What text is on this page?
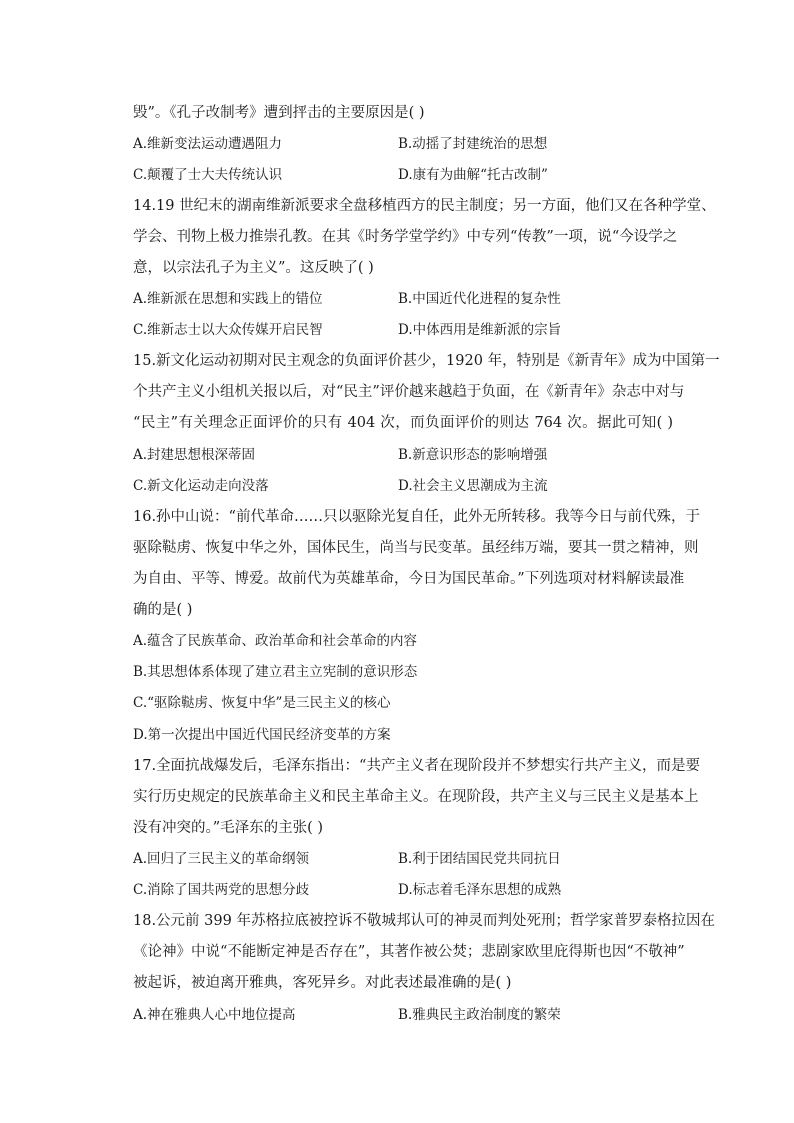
毁”。《孔子改制考》遭到抨击的主要原因是( )
A.维新变法运动遭遇阻力	B.动摇了封建统治的思想
C.颠覆了士大夫传统认识	D.康有为曲解“托古改制”
14.19 世纪末的湖南维新派要求全盘移植西方的民主制度；另一方面，他们又在各种学堂、
学会、刊物上极力推崇孔教。在其《时务学堂学约》中专列“传教”一项，说“今设学之
意，以宗法孔子为主义”。这反映了( )
A.维新派在思想和实践上的错位	B.中国近代化进程的复杂性
C.维新志士以大众传媒开启民智	D.中体西用是维新派的宗旨
15.新文化运动初期对民主观念的负面评价甚少，1920 年，特别是《新青年》成为中国第一
个共产主义小组机关报以后，对“民主”评价越来越趋于负面，在《新青年》杂志中对与
“民主”有关理念正面评价的只有 404 次，而负面评价的则达 764 次。据此可知( )
A.封建思想根深蒂固	B.新意识形态的影响增强
C.新文化运动走向没落	D.社会主义思潮成为主流
16.孙中山说：“前代革命……只以驱除光复自任，此外无所转移。我等今日与前代殊，于
驱除鞑虏、恢复中华之外，国体民生，尚当与民变革。虽经纬万端，要其一贯之精神，则
为自由、平等、博爱。故前代为英雄革命，今日为国民革命。”下列选项对材料解读最准
确的是( )
A.蕴含了民族革命、政治革命和社会革命的内容
B.其思想体系体现了建立君主立宪制的意识形态
C.“驱除鞑虏、恢复中华”是三民主义的核心
D.第一次提出中国近代国民经济变革的方案
17.全面抗战爆发后，毛泽东指出：“共产主义者在现阶段并不梦想实行共产主义，而是要
实行历史规定的民族革命主义和民主革命主义。在现阶段，共产主义与三民主义是基本上
没有冲突的。”毛泽东的主张( )
A.回归了三民主义的革命纲领	B.利于团结国民党共同抗日
C.消除了国共两党的思想分歧	D.标志着毛泽东思想的成熟
18.公元前 399 年苏格拉底被控诉不敬城邦认可的神灵而判处死刑；哲学家普罗泰格拉因在
《论神》中说“不能断定神是否存在”，其著作被公焚；悲剧家欧里庇得斯也因“不敬神”
被起诉，被迫离开雅典，客死异乡。对此表述最准确的是( )
A.神在雅典人心中地位提高	B.雅典民主政治制度的繁荣
